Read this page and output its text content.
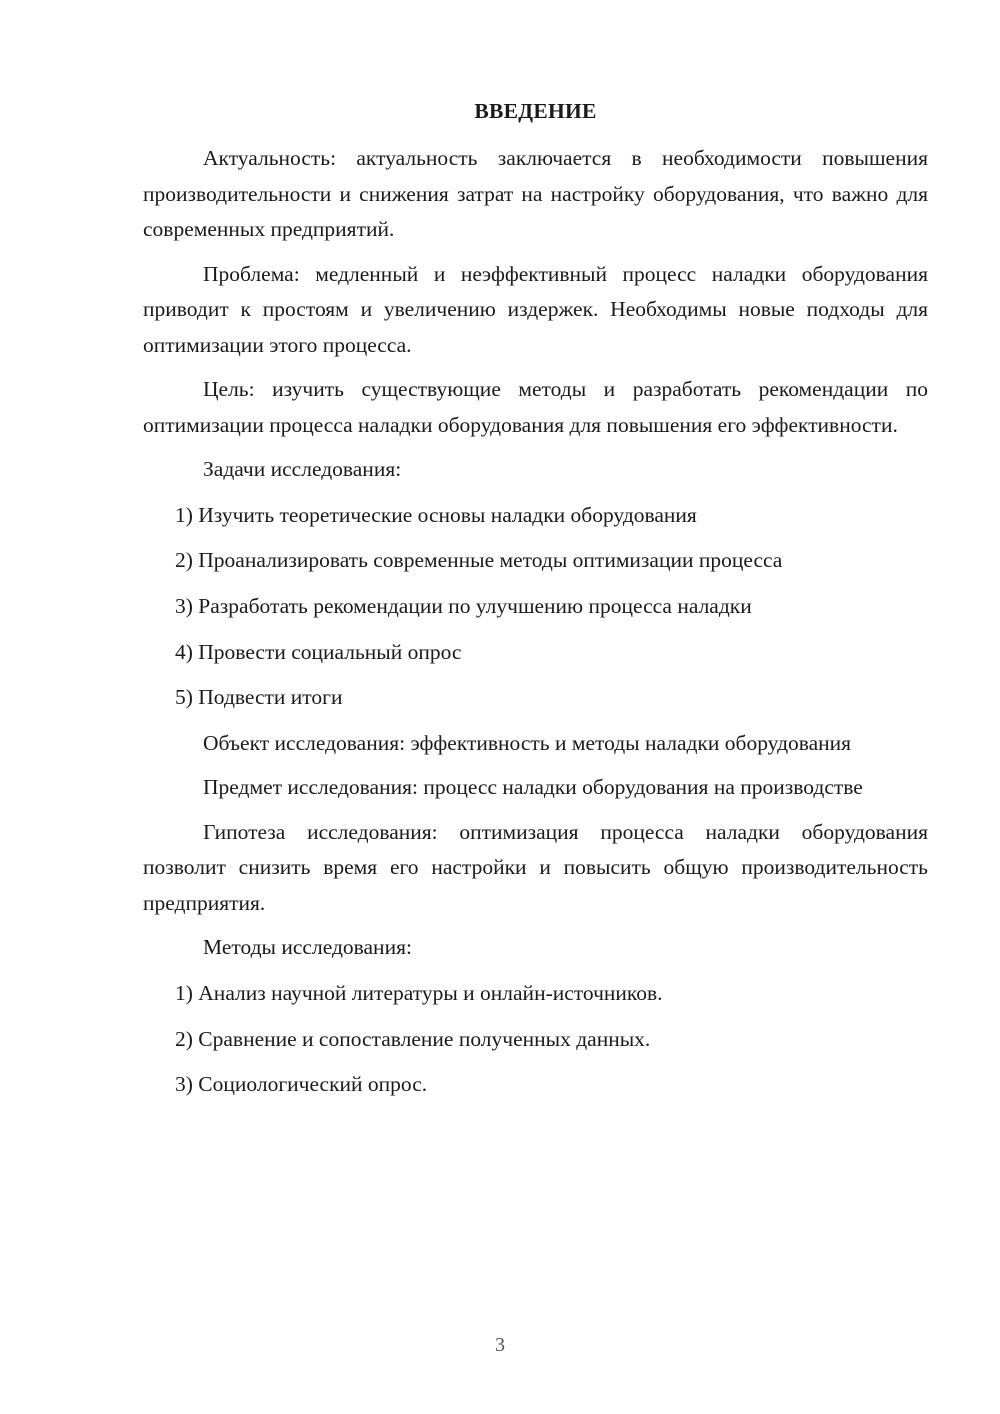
ВВЕДЕНИЕ

Актуальность: актуальность заключается в необходимости повышения производительности и снижения затрат на настройку оборудования, что важно для современных предприятий.

Проблема: медленный и неэффективный процесс наладки оборудования приводит к простоям и увеличению издержек. Необходимы новые подходы для оптимизации этого процесса.

Цель: изучить существующие методы и разработать рекомендации по оптимизации процесса наладки оборудования для повышения его эффективности.

Задачи исследования:

1) Изучить теоретические основы наладки оборудования

2) Проанализировать современные методы оптимизации процесса

3) Разработать рекомендации по улучшению процесса наладки

4) Провести социальный опрос

5) Подвести итоги

Объект исследования: эффективность и методы наладки оборудования

Предмет исследования: процесс наладки оборудования на производстве

Гипотеза исследования: оптимизация процесса наладки оборудования позволит снизить время его настройки и повысить общую производительность предприятия.

Методы исследования:

1) Анализ научной литературы и онлайн-источников.

2) Сравнение и сопоставление полученных данных.

3) Социологический опрос.

3
